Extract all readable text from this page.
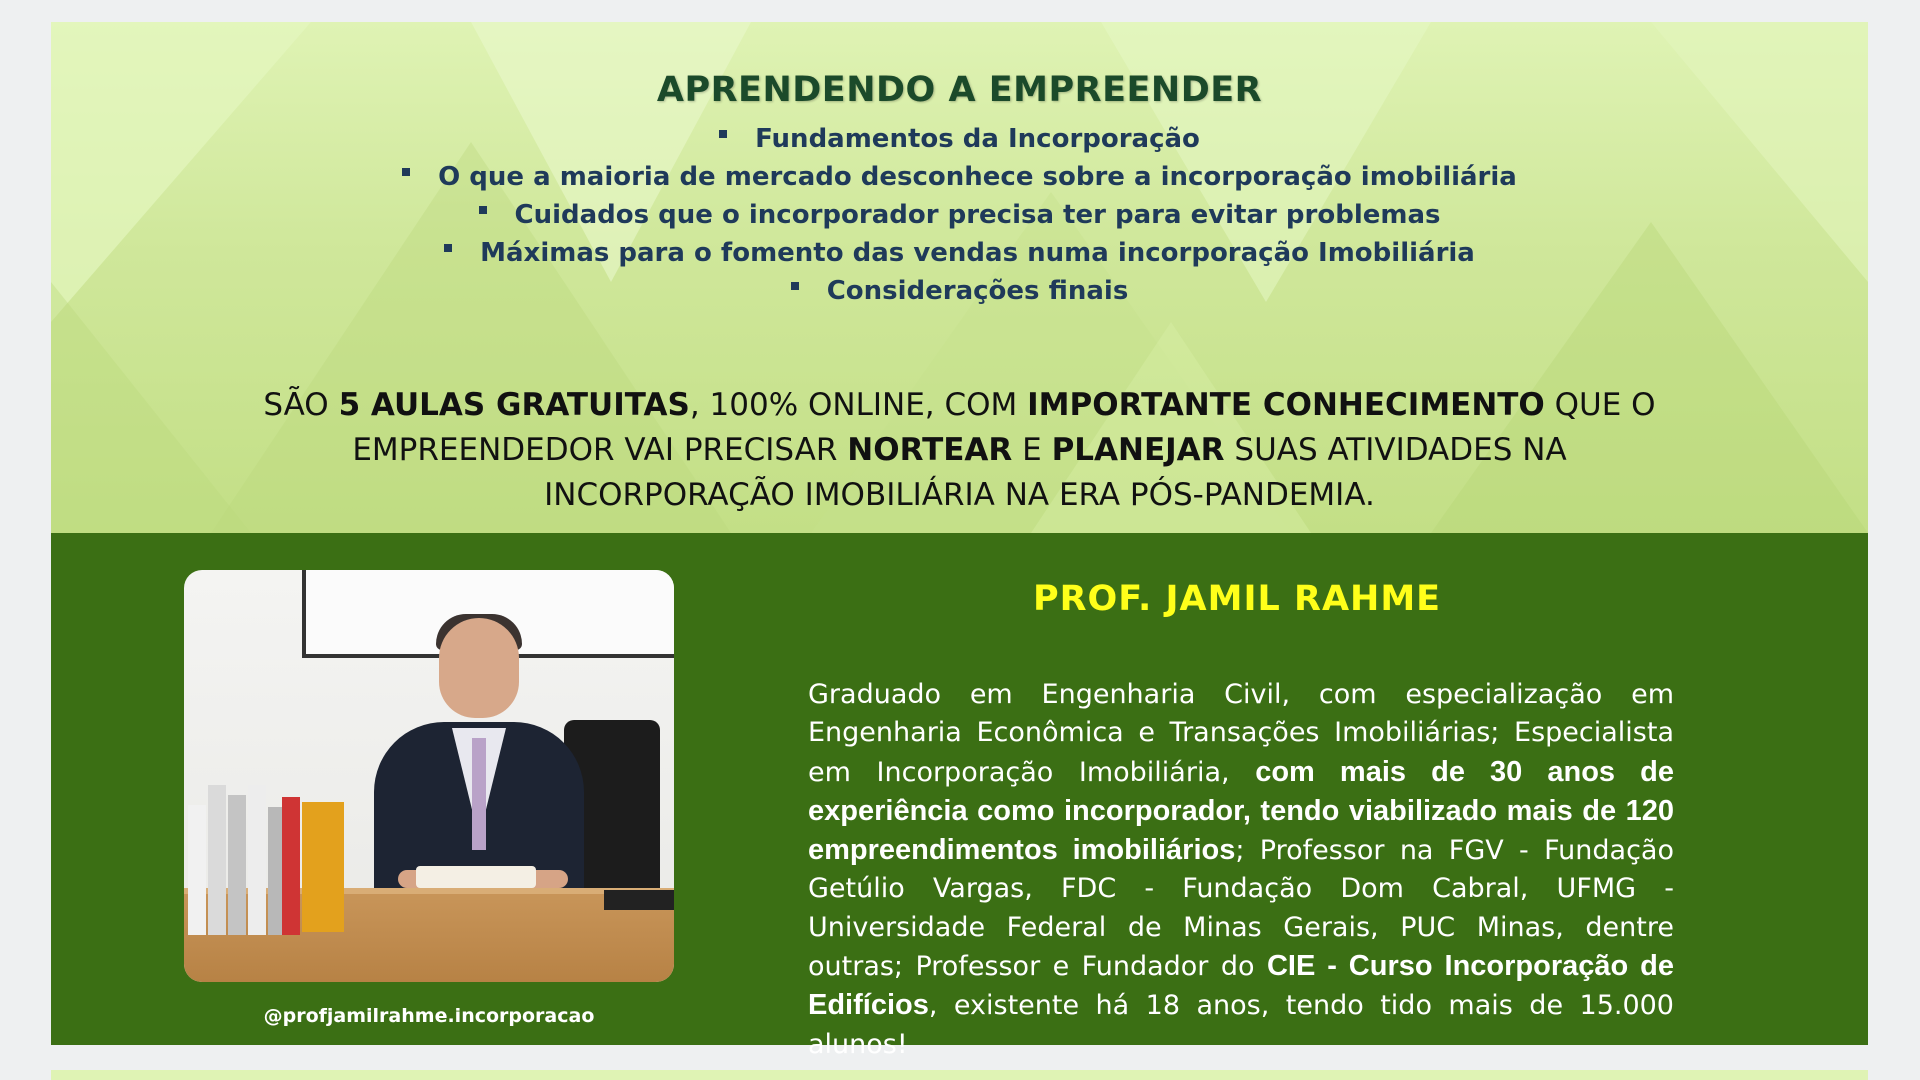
APRENDENDO A EMPREENDER
Fundamentos da Incorporação
O que a maioria de mercado desconhece sobre a incorporação imobiliária
Cuidados que o incorporador precisa ter para evitar problemas
Máximas para o fomento das vendas numa incorporação Imobiliária
Considerações finais

SÃO 5 AULAS GRATUITAS, 100% ONLINE, COM IMPORTANTE CONHECIMENTO QUE O EMPREENDEDOR VAI PRECISAR NORTEAR E PLANEJAR SUAS ATIVIDADES NA INCORPORAÇÃO IMOBILIÁRIA NA ERA PÓS-PANDEMIA.

@profjamilrahme.incorporacao
PROF. JAMIL RAHME

Graduado em Engenharia Civil, com especialização em Engenharia Econômica e Transações Imobiliárias; Especialista em Incorporação Imobiliária, com mais de 30 anos de experiência como incorporador, tendo viabilizado mais de 120 empreendimentos imobiliários; Professor na FGV - Fundação Getúlio Vargas, FDC - Fundação Dom Cabral, UFMG - Universidade Federal de Minas Gerais, PUC Minas, dentre outras; Professor e Fundador do CIE - Curso Incorporação de Edifícios, existente há 18 anos, tendo tido mais de 15.000 alunos!
